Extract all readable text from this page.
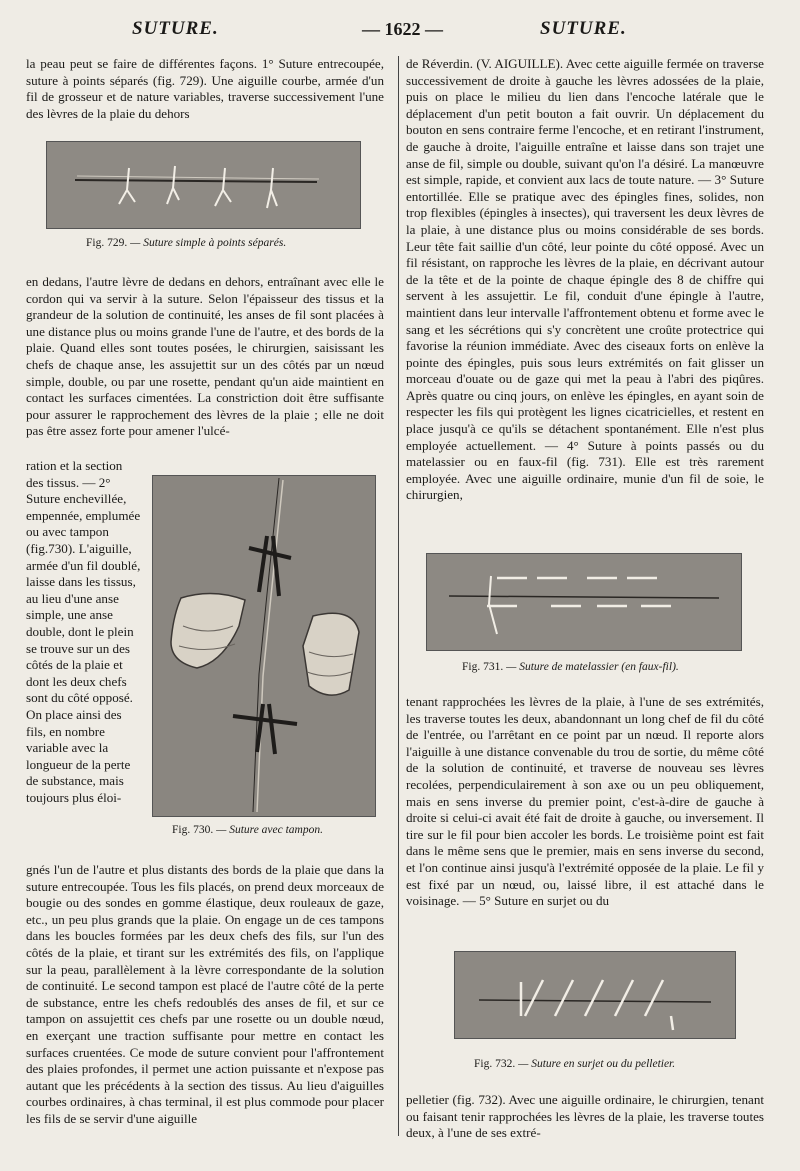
SUTURE.	— 1622 —	SUTURE.

la peau peut se faire de différentes façons. 1° Suture entrecoupée, suture à points séparés (fig. 729). Une aiguille courbe, armée d'un fil de grosseur et de nature variables, traverse successivement l'une des lèvres de la plaie du dehors

Fig. 729. — Suture simple à points séparés.

en dedans, l'autre lèvre de dedans en dehors, entraînant avec elle le cordon qui va servir à la suture. Selon l'épaisseur des tissus et la grandeur de la solution de continuité, les anses de fil sont placées à une distance plus ou moins grande l'une de l'autre, et des bords de la plaie. Quand elles sont toutes posées, le chirurgien, saisissant les chefs de chaque anse, les assujettit sur un des côtés par un nœud simple, double, ou par une rosette, pendant qu'un aide maintient en contact les surfaces cimentées. La constriction doit être suffisante pour assurer le rapprochement des lèvres de la plaie ; elle ne doit pas être assez forte pour amener l'ulcé-

ration et la section des tissus. — 2° Suture enchevillée, empennée, emplumée ou avec tampon (fig.730). L'aiguille, armée d'un fil doublé, laisse dans les tissus, au lieu d'une anse simple, une anse double, dont le plein se trouve sur un des côtés de la plaie et dont les deux chefs sont du côté opposé. On place ainsi des fils, en nombre variable avec la longueur de la perte de substance, mais toujours plus éloi-

Fig. 730. — Suture avec tampon.

gnés l'un de l'autre et plus distants des bords de la plaie que dans la suture entrecoupée. Tous les fils placés, on prend deux morceaux de bougie ou des sondes en gomme élastique, deux rouleaux de gaze, etc., un peu plus grands que la plaie. On engage un de ces tampons dans les boucles formées par les deux chefs des fils, sur l'un des côtés de la plaie, et tirant sur les extrémités des fils, on l'applique sur la peau, parallèlement à la lèvre correspondante de la solution de continuité. Le second tampon est placé de l'autre côté de la perte de substance, entre les chefs redoublés des anses de fil, et sur ce tampon on assujettit ces chefs par une rosette ou un double nœud, en exerçant une traction suffisante pour mettre en contact les surfaces cruentées. Ce mode de suture convient pour l'affrontement des plaies profondes, il permet une action puissante et n'expose pas autant que les précédents à la section des tissus. Au lieu d'aiguilles courbes ordinaires, à chas terminal, il est plus commode pour placer les fils de se servir d'une aiguille

de Réverdin. (V. AIGUILLE). Avec cette aiguille fermée on traverse successivement de droite à gauche les lèvres adossées de la plaie, puis on place le milieu du lien dans l'encoche latérale que le déplacement d'un petit bouton a fait ouvrir. Un déplacement du bouton en sens contraire ferme l'encoche, et en retirant l'instrument, de gauche à droite, l'aiguille entraîne et laisse dans son trajet une anse de fil, simple ou double, suivant qu'on l'a désiré. La manœuvre est simple, rapide, et convient aux lacs de toute nature. — 3° Suture entortillée. Elle se pratique avec des épingles fines, solides, non trop flexibles (épingles à insectes), qui traversent les deux lèvres de la plaie, à une distance plus ou moins considérable de ses bords. Leur tête fait saillie d'un côté, leur pointe du côté opposé. Avec un fil résistant, on rapproche les lèvres de la plaie, en décrivant autour de la tête et de la pointe de chaque épingle des 8 de chiffre qui servent à les assujettir. Le fil, conduit d'une épingle à l'autre, maintient dans leur intervalle l'affrontement obtenu et forme avec le sang et les sécrétions qui s'y concrètent une croûte protectrice qui favorise la réunion immédiate. Avec des ciseaux forts on enlève la pointe des épingles, puis sous leurs extrémités on fait glisser un morceau d'ouate ou de gaze qui met la peau à l'abri des piqûres. Après quatre ou cinq jours, on enlève les épingles, en ayant soin de respecter les fils qui protègent les lignes cicatricielles, et restent en place jusqu'à ce qu'ils se détachent spontanément. Elle n'est plus employée actuellement. — 4° Suture à points passés ou du matelassier ou en faux-fil (fig. 731). Elle est très rarement employée. Avec une aiguille ordinaire, munie d'un fil de soie, le chirurgien,

Fig. 731. — Suture de matelassier (en faux-fil).

tenant rapprochées les lèvres de la plaie, à l'une de ses extrémités, les traverse toutes les deux, abandonnant un long chef de fil du côté de l'entrée, ou l'arrêtant en ce point par un nœud. Il reporte alors l'aiguille à une distance convenable du trou de sortie, du même côté de la solution de continuité, et traverse de nouveau ses lèvres recolées, perpendiculairement à son axe ou un peu obliquement, mais en sens inverse du premier point, c'est-à-dire de gauche à droite si celui-ci avait été fait de droite à gauche, ou inversement. Il tire sur le fil pour bien accoler les bords. Le troisième point est fait dans le même sens que le premier, mais en sens inverse du second, et l'on continue ainsi jusqu'à l'extrémité opposée de la plaie. Le fil y est fixé par un nœud, ou, laissé libre, il est attaché dans le voisinage. — 5° Suture en surjet ou du

Fig. 732. — Suture en surjet ou du pelletier.

pelletier (fig. 732). Avec une aiguille ordinaire, le chirurgien, tenant ou faisant tenir rapprochées les lèvres de la plaie, les traverse toutes deux, à l'une de ses extré-
